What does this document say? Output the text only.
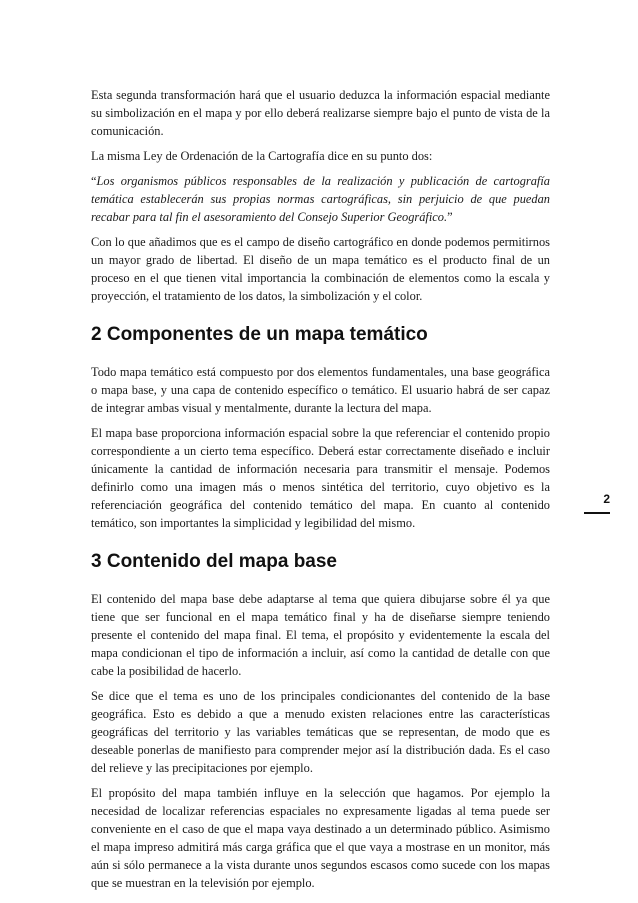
Esta segunda transformación hará que el usuario deduzca la información espacial mediante su simbolización en el mapa y por ello deberá realizarse siempre bajo el punto de vista de la comunicación.

La misma Ley de Ordenación de la Cartografía dice en su punto dos:

“Los organismos públicos responsables de la realización y publicación de cartografía temática establecerán sus propias normas cartográficas, sin perjuicio de que puedan recabar para tal fin el asesoramiento del Consejo Superior Geográfico.”

Con lo que añadimos que es el campo de diseño cartográfico en donde podemos permitirnos un mayor grado de libertad. El diseño de un mapa temático es el producto final de un proceso en el que tienen vital importancia la combinación de elementos como la escala y proyección, el tratamiento de los datos, la simbolización y el color.

2 Componentes de un mapa temático

Todo mapa temático está compuesto por dos elementos fundamentales, una base geográfica o mapa base, y una capa de contenido específico o temático. El usuario habrá de ser capaz de integrar ambas visual y mentalmente, durante la lectura del mapa.

El mapa base proporciona información espacial sobre la que referenciar el contenido propio correspondiente a un cierto tema específico. Deberá estar correctamente diseñado e incluir únicamente la cantidad de información necesaria para transmitir el mensaje. Podemos definirlo como una imagen más o menos sintética del territorio, cuyo objetivo es la referenciación geográfica del contenido temático del mapa. En cuanto al contenido temático, son importantes la simplicidad y legibilidad del mismo.

3 Contenido del mapa base

El contenido del mapa base debe adaptarse al tema que quiera dibujarse sobre él ya que tiene que ser funcional en el mapa temático final y ha de diseñarse siempre teniendo presente el contenido del mapa final. El tema, el propósito y evidentemente la escala del mapa condicionan el tipo de información a incluir, así como la cantidad de detalle con que cabe la posibilidad de hacerlo.

Se dice que el tema es uno de los principales condicionantes del contenido de la base geográfica. Esto es debido a que a menudo existen relaciones entre las características geográficas del territorio y las variables temáticas que se representan, de modo que es deseable ponerlas de manifiesto para comprender mejor así la distribución dada. Es el caso del relieve y las precipitaciones por ejemplo.

El propósito del mapa también influye en la selección que hagamos. Por ejemplo la necesidad de localizar referencias espaciales no expresamente ligadas al tema puede ser conveniente en el caso de que el mapa vaya destinado a un determinado público. Asimismo el mapa impreso admitirá más carga gráfica que el que vaya a mostrase en un monitor, más aún si sólo permanece a la vista durante unos segundos escasos como sucede con los mapas que se muestran en la televisión por ejemplo.

2
